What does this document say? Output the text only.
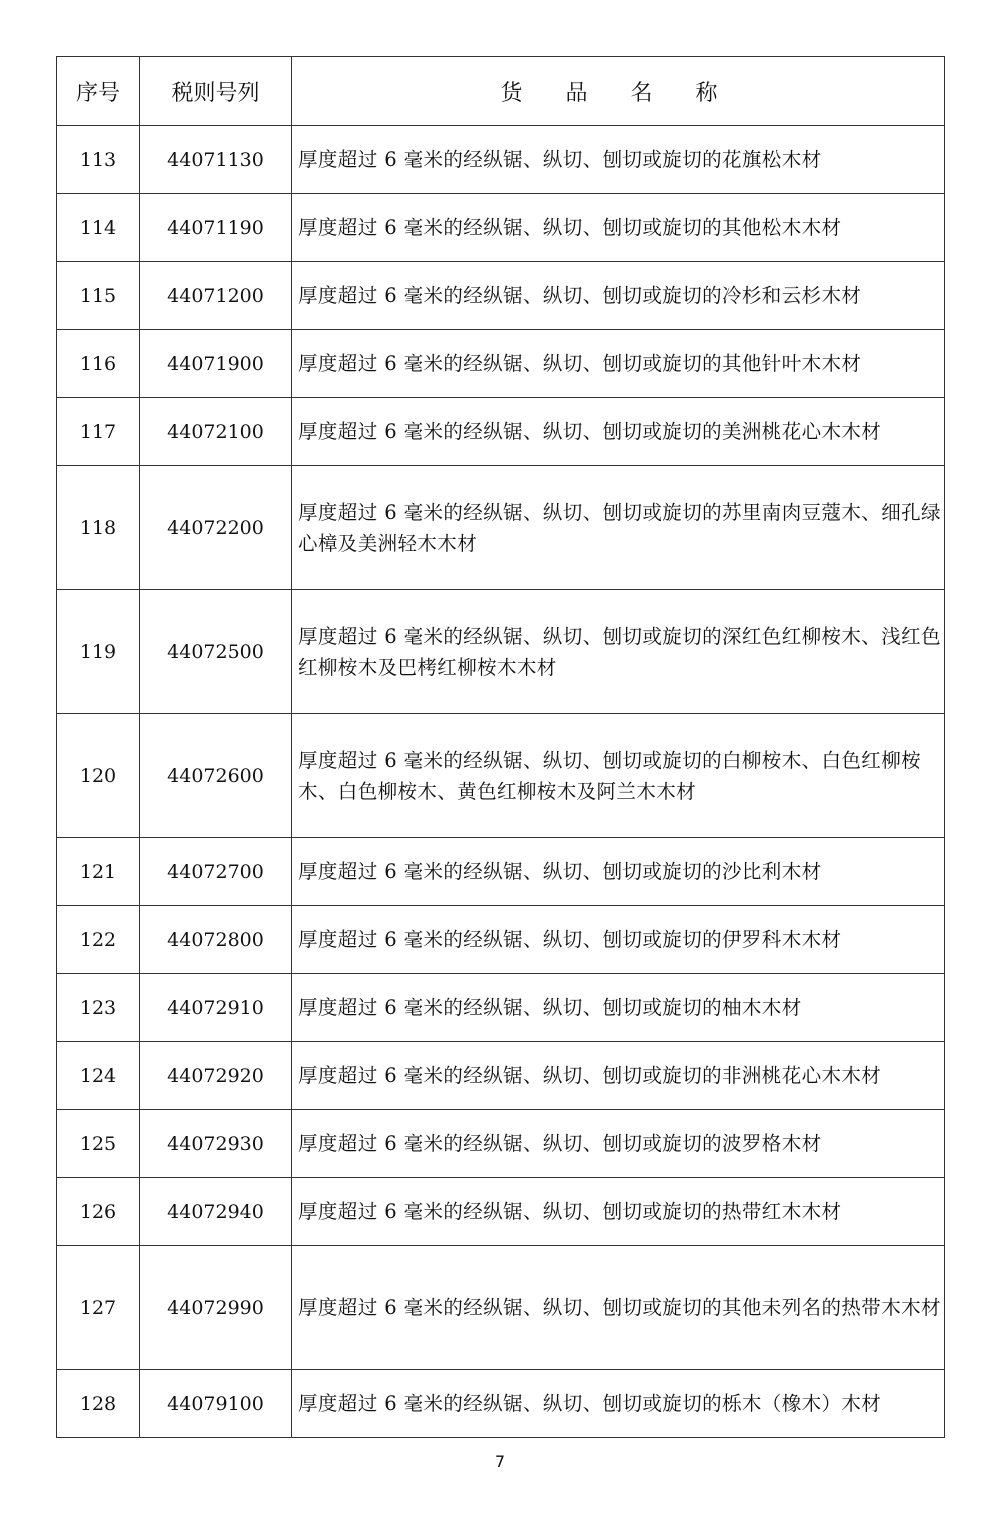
序号	税则号列	货 品 名 称
113	44071130	厚度超过 6 毫米的经纵锯、纵切、刨切或旋切的花旗松木材
114	44071190	厚度超过 6 毫米的经纵锯、纵切、刨切或旋切的其他松木木材
115	44071200	厚度超过 6 毫米的经纵锯、纵切、刨切或旋切的冷杉和云杉木材
116	44071900	厚度超过 6 毫米的经纵锯、纵切、刨切或旋切的其他针叶木木材
117	44072100	厚度超过 6 毫米的经纵锯、纵切、刨切或旋切的美洲桃花心木木材
118	44072200	厚度超过 6 毫米的经纵锯、纵切、刨切或旋切的苏里南肉豆蔻木、细孔绿心樟及美洲轻木木材
119	44072500	厚度超过 6 毫米的经纵锯、纵切、刨切或旋切的深红色红柳桉木、浅红色红柳桉木及巴栲红柳桉木木材
120	44072600	厚度超过 6 毫米的经纵锯、纵切、刨切或旋切的白柳桉木、白色红柳桉木、白色柳桉木、黄色红柳桉木及阿兰木木材
121	44072700	厚度超过 6 毫米的经纵锯、纵切、刨切或旋切的沙比利木材
122	44072800	厚度超过 6 毫米的经纵锯、纵切、刨切或旋切的伊罗科木木材
123	44072910	厚度超过 6 毫米的经纵锯、纵切、刨切或旋切的柚木木材
124	44072920	厚度超过 6 毫米的经纵锯、纵切、刨切或旋切的非洲桃花心木木材
125	44072930	厚度超过 6 毫米的经纵锯、纵切、刨切或旋切的波罗格木材
126	44072940	厚度超过 6 毫米的经纵锯、纵切、刨切或旋切的热带红木木材
127	44072990	厚度超过 6 毫米的经纵锯、纵切、刨切或旋切的其他未列名的热带木木材
128	44079100	厚度超过 6 毫米的经纵锯、纵切、刨切或旋切的栎木（橡木）木材
7
